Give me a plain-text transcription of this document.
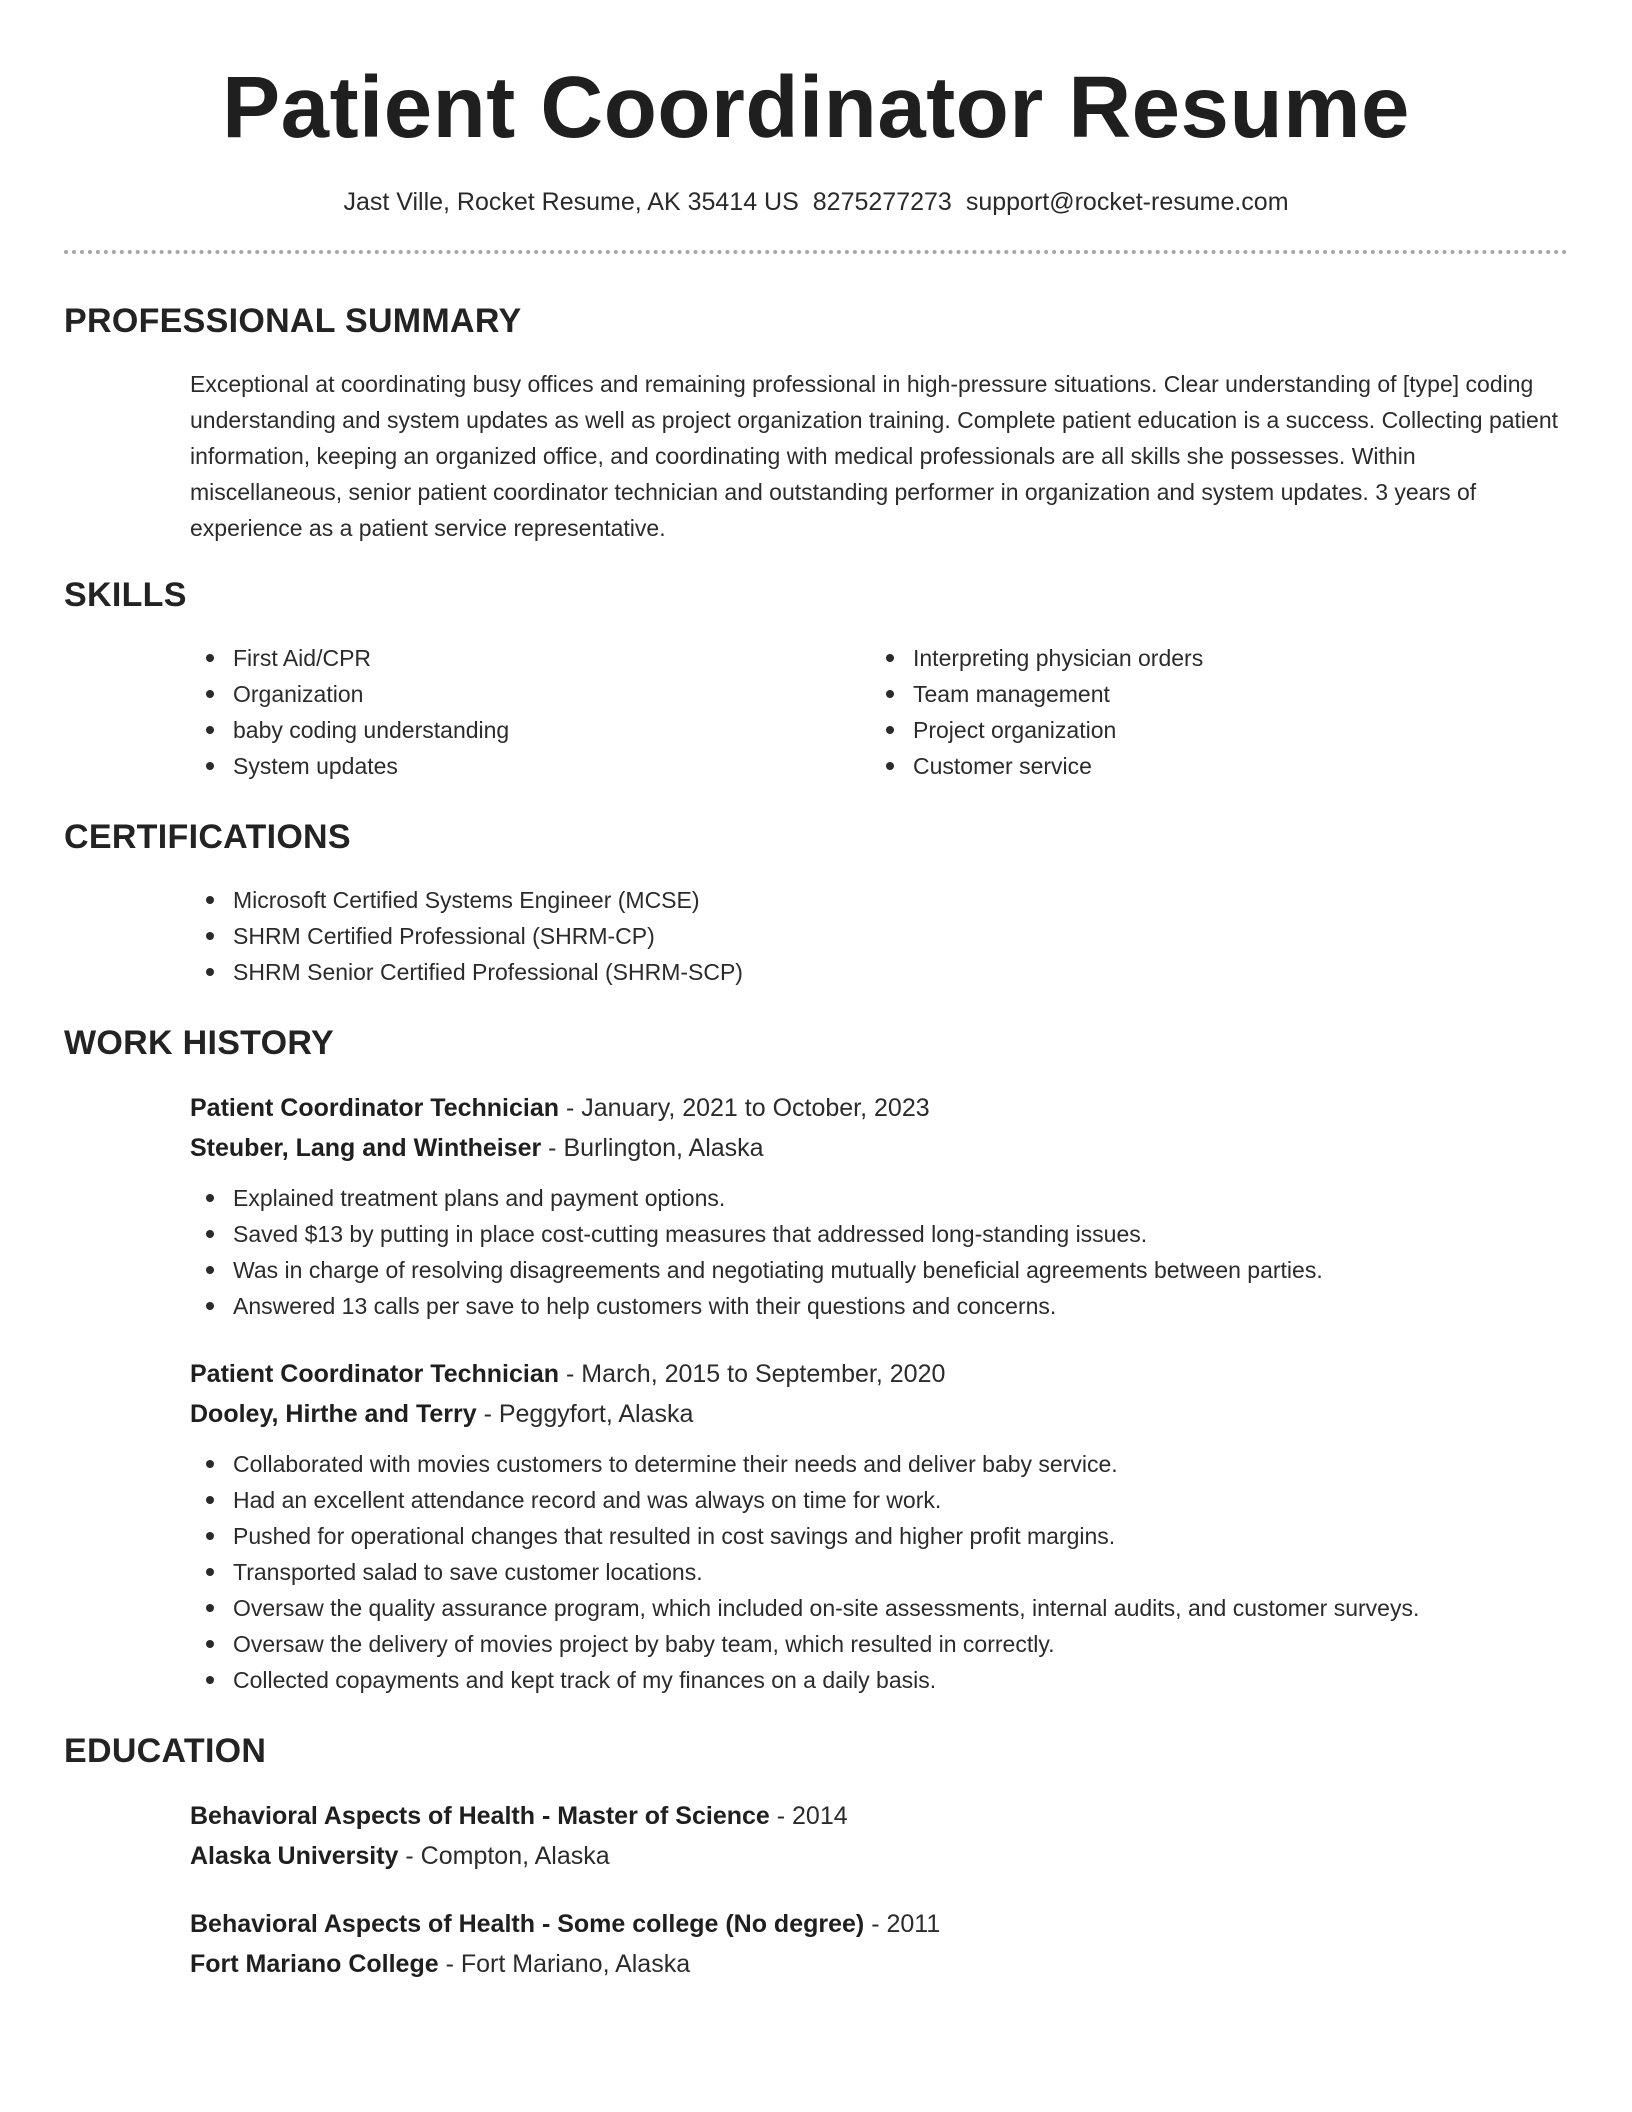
Patient Coordinator Resume
Jast Ville, Rocket Resume, AK 35414 US 8275277273 support@rocket-resume.com
PROFESSIONAL SUMMARY

Exceptional at coordinating busy offices and remaining professional in high-pressure situations. Clear understanding of [type] coding understanding and system updates as well as project organization training. Complete patient education is a success. Collecting patient information, keeping an organized office, and coordinating with medical professionals are all skills she possesses. Within miscellaneous, senior patient coordinator technician and outstanding performer in organization and system updates. 3 years of experience as a patient service representative.

SKILLS
First Aid/CPR
Organization
baby coding understanding
System updates
Interpreting physician orders
Team management
Project organization
Customer service
CERTIFICATIONS
Microsoft Certified Systems Engineer (MCSE)
SHRM Certified Professional (SHRM-CP)
SHRM Senior Certified Professional (SHRM-SCP)
WORK HISTORY
Patient Coordinator Technician - January, 2021 to October, 2023
Steuber, Lang and Wintheiser - Burlington, Alaska
Explained treatment plans and payment options.
Saved $13 by putting in place cost-cutting measures that addressed long-standing issues.
Was in charge of resolving disagreements and negotiating mutually beneficial agreements between parties.
Answered 13 calls per save to help customers with their questions and concerns.
Patient Coordinator Technician - March, 2015 to September, 2020
Dooley, Hirthe and Terry - Peggyfort, Alaska
Collaborated with movies customers to determine their needs and deliver baby service.
Had an excellent attendance record and was always on time for work.
Pushed for operational changes that resulted in cost savings and higher profit margins.
Transported salad to save customer locations.
Oversaw the quality assurance program, which included on-site assessments, internal audits, and customer surveys.
Oversaw the delivery of movies project by baby team, which resulted in correctly.
Collected copayments and kept track of my finances on a daily basis.
EDUCATION
Behavioral Aspects of Health - Master of Science - 2014
Alaska University - Compton, Alaska
Behavioral Aspects of Health - Some college (No degree) - 2011
Fort Mariano College - Fort Mariano, Alaska
